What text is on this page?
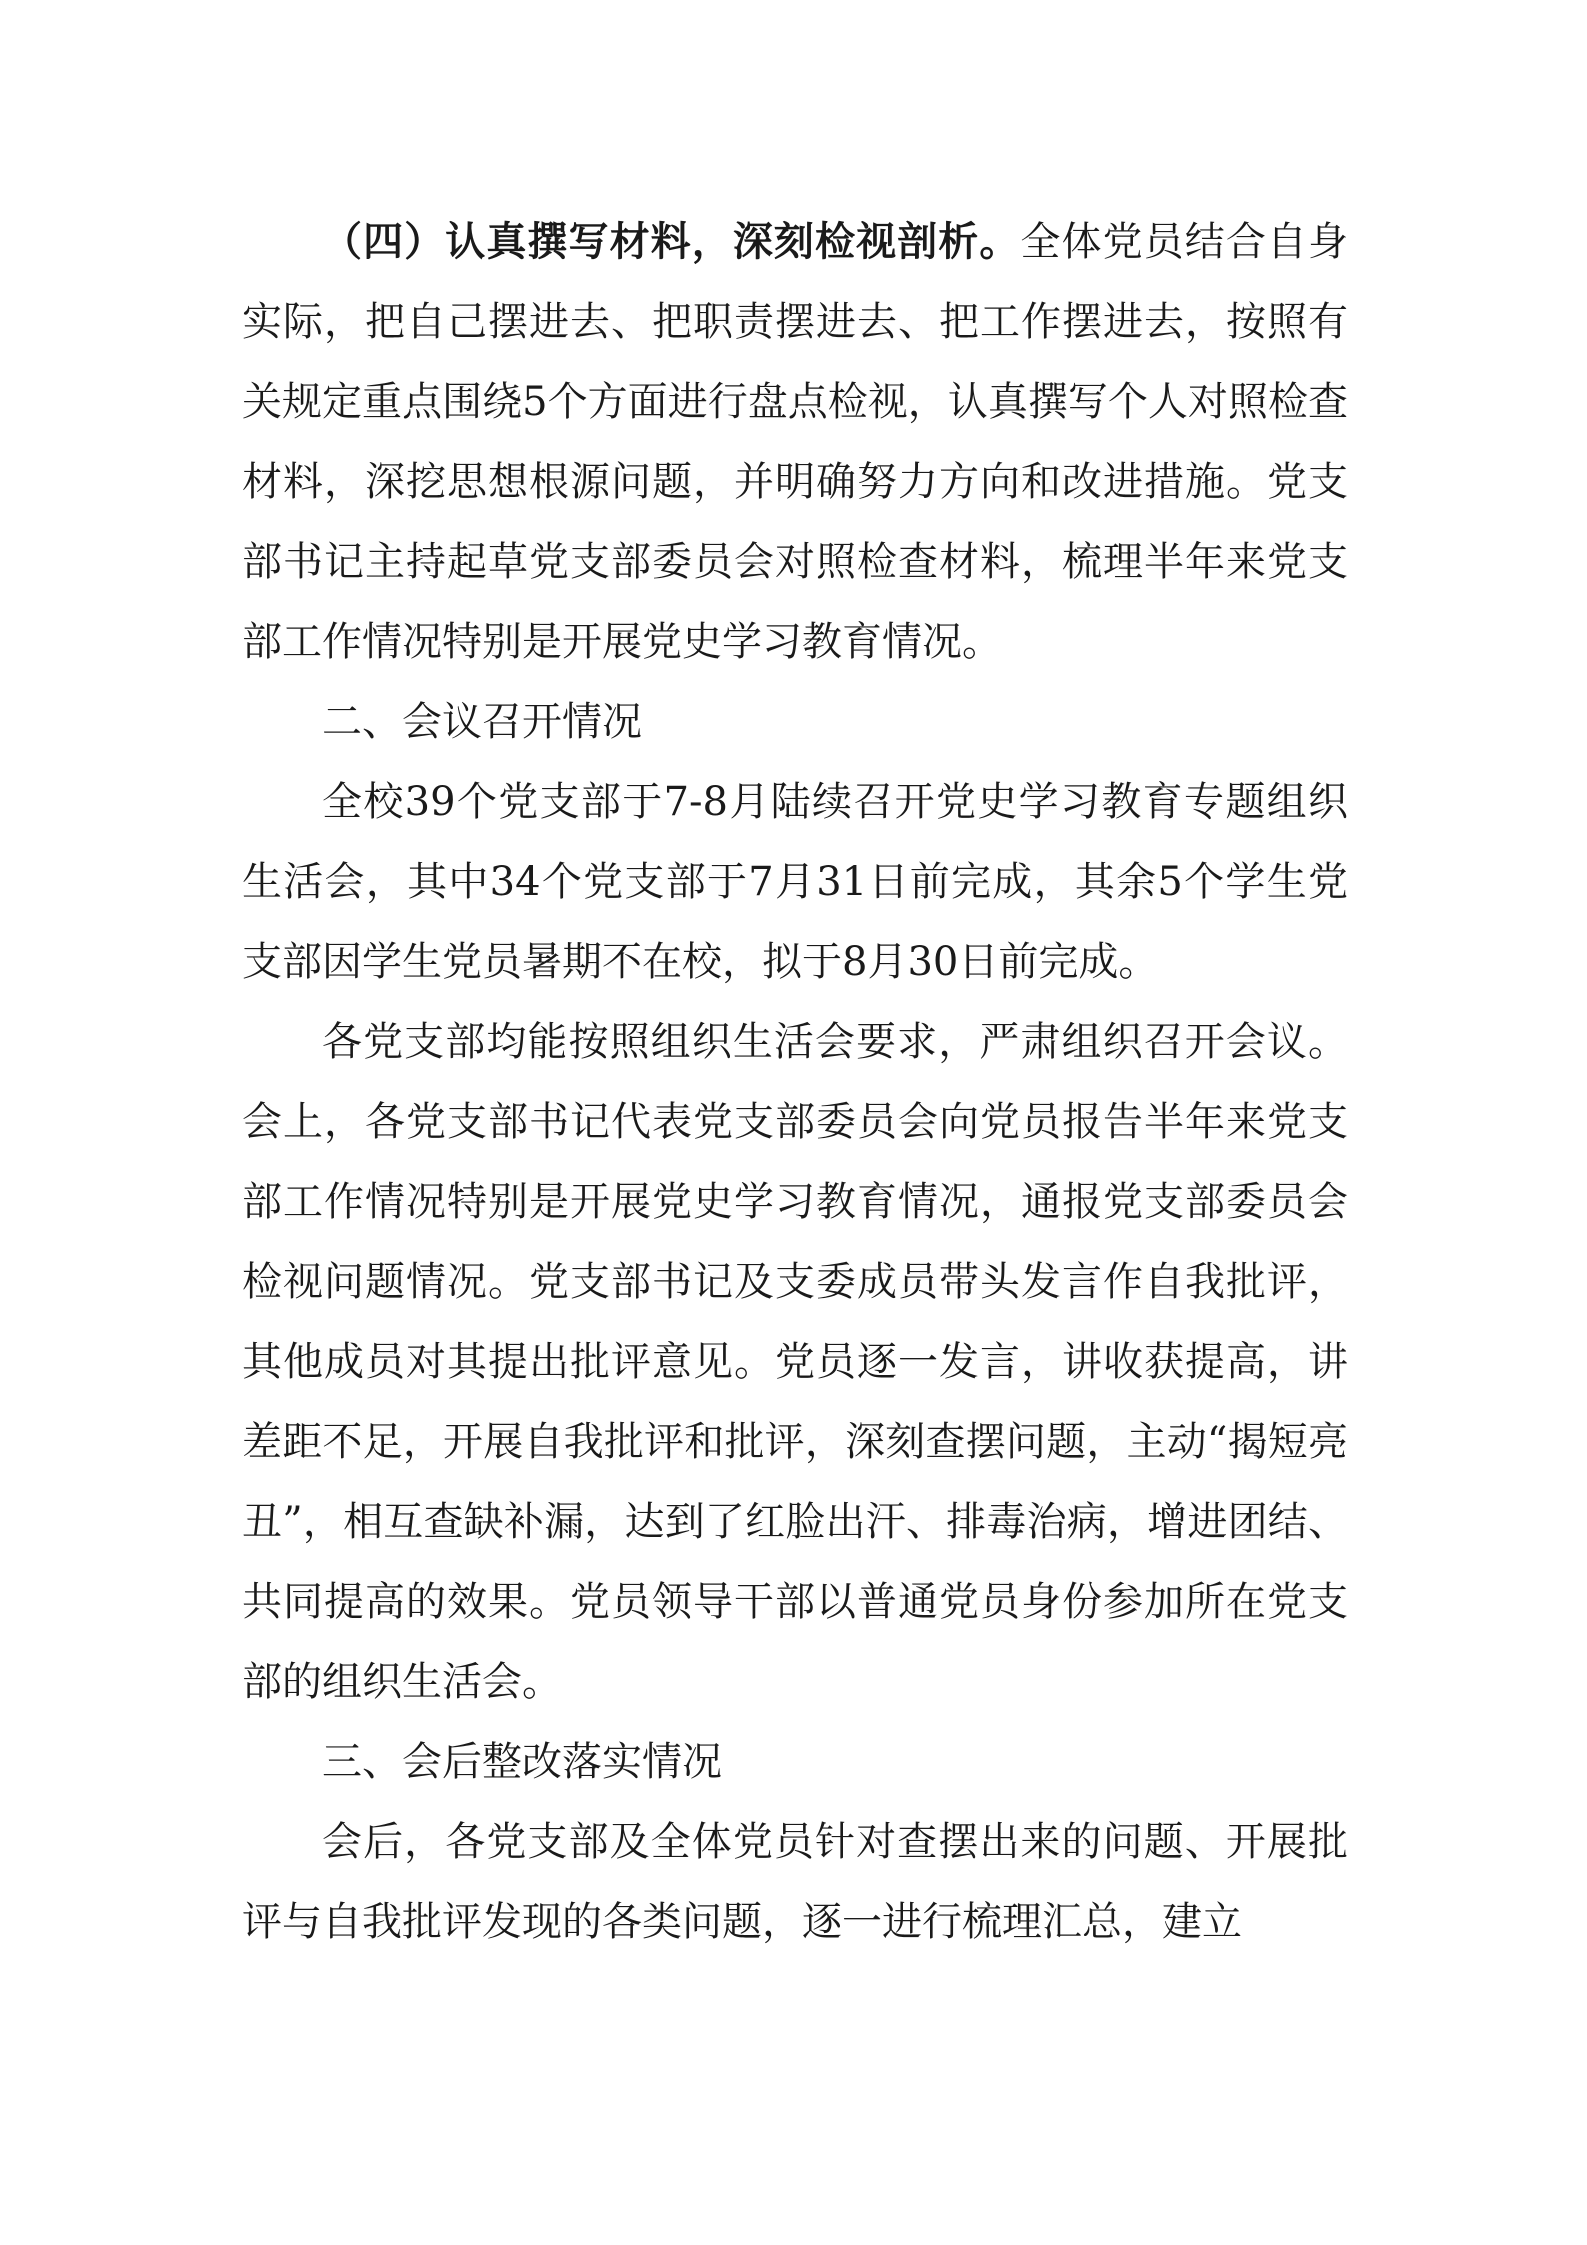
（四）认真撰写材料，深刻检视剖析。全体党员结合自身实际，把自己摆进去、把职责摆进去、把工作摆进去，按照有关规定重点围绕5个方面进行盘点检视，认真撰写个人对照检查材料，深挖思想根源问题，并明确努力方向和改进措施。党支部书记主持起草党支部委员会对照检查材料，梳理半年来党支部工作情况特别是开展党史学习教育情况。

二、会议召开情况

全校39个党支部于7-8月陆续召开党史学习教育专题组织生活会，其中34个党支部于7月31日前完成，其余5个学生党支部因学生党员暑期不在校，拟于8月30日前完成。

各党支部均能按照组织生活会要求，严肃组织召开会议。会上，各党支部书记代表党支部委员会向党员报告半年来党支部工作情况特别是开展党史学习教育情况，通报党支部委员会检视问题情况。党支部书记及支委成员带头发言作自我批评，其他成员对其提出批评意见。党员逐一发言，讲收获提高，讲差距不足，开展自我批评和批评，深刻查摆问题，主动“揭短亮丑”，相互查缺补漏，达到了红脸出汗、排毒治病，增进团结、共同提高的效果。党员领导干部以普通党员身份参加所在党支部的组织生活会。

三、会后整改落实情况

会后，各党支部及全体党员针对查摆出来的问题、开展批评与自我批评发现的各类问题，逐一进行梳理汇总，建立
